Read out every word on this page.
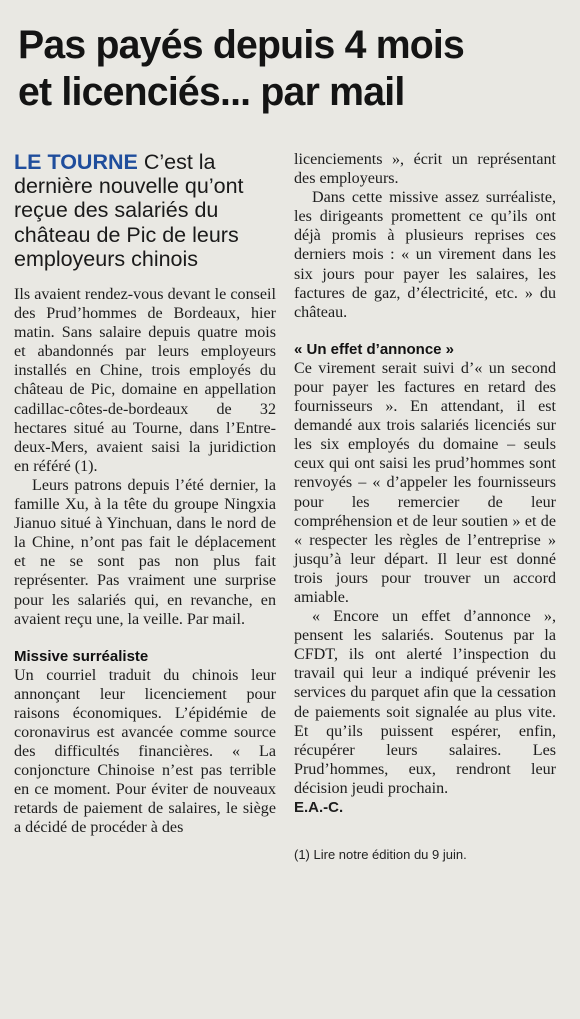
Pas payés depuis 4 mois
et licenciés... par mail

LE TOURNE C’est la dernière nouvelle qu’ont reçue des salariés du château de Pic de leurs employeurs chinois

Ils avaient rendez-vous devant le conseil des Prud’hommes de Bordeaux, hier matin. Sans salaire depuis quatre mois et abandonnés par leurs employeurs installés en Chine, trois employés du château de Pic, domaine en appellation cadillac-côtes-de-bordeaux de 32 hectares situé au Tourne, dans l’Entre-deux-Mers, avaient saisi la juridiction en référé (1).

Leurs patrons depuis l’été dernier, la famille Xu, à la tête du groupe Ningxia Jianuo situé à Yinchuan, dans le nord de la Chine, n’ont pas fait le déplacement et ne se sont pas non plus fait représenter. Pas vraiment une surprise pour les salariés qui, en revanche, en avaient reçu une, la veille. Par mail.

Missive surréaliste

Un courriel traduit du chinois leur annonçant leur licenciement pour raisons économiques. L’épidémie de coronavirus est avancée comme source des difficultés financières. « La conjoncture Chinoise n’est pas terrible en ce moment. Pour éviter de nouveaux retards de paiement de salaires, le siège a décidé de procéder à des

licenciements », écrit un représentant des employeurs.

Dans cette missive assez surréaliste, les dirigeants promettent ce qu’ils ont déjà promis à plusieurs reprises ces derniers mois : « un virement dans les six jours pour payer les salaires, les factures de gaz, d’électricité, etc. » du château.

« Un effet d’annonce »

Ce virement serait suivi d’« un second pour payer les factures en retard des fournisseurs ». En attendant, il est demandé aux trois salariés licenciés sur les six employés du domaine – seuls ceux qui ont saisi les prud’hommes sont renvoyés – « d’appeler les fournisseurs pour les remercier de leur compréhension et de leur soutien » et de « respecter les règles de l’entreprise » jusqu’à leur départ. Il leur est donné trois jours pour trouver un accord amiable.

« Encore un effet d’annonce », pensent les salariés. Soutenus par la CFDT, ils ont alerté l’inspection du travail qui leur a indiqué prévenir les services du parquet afin que la cessation de paiements soit signalée au plus vite. Et qu’ils puissent espérer, enfin, récupérer leurs salaires. Les Prud’hommes, eux, rendront leur décision jeudi prochain.

E.A.-C.

(1) Lire notre édition du 9 juin.
